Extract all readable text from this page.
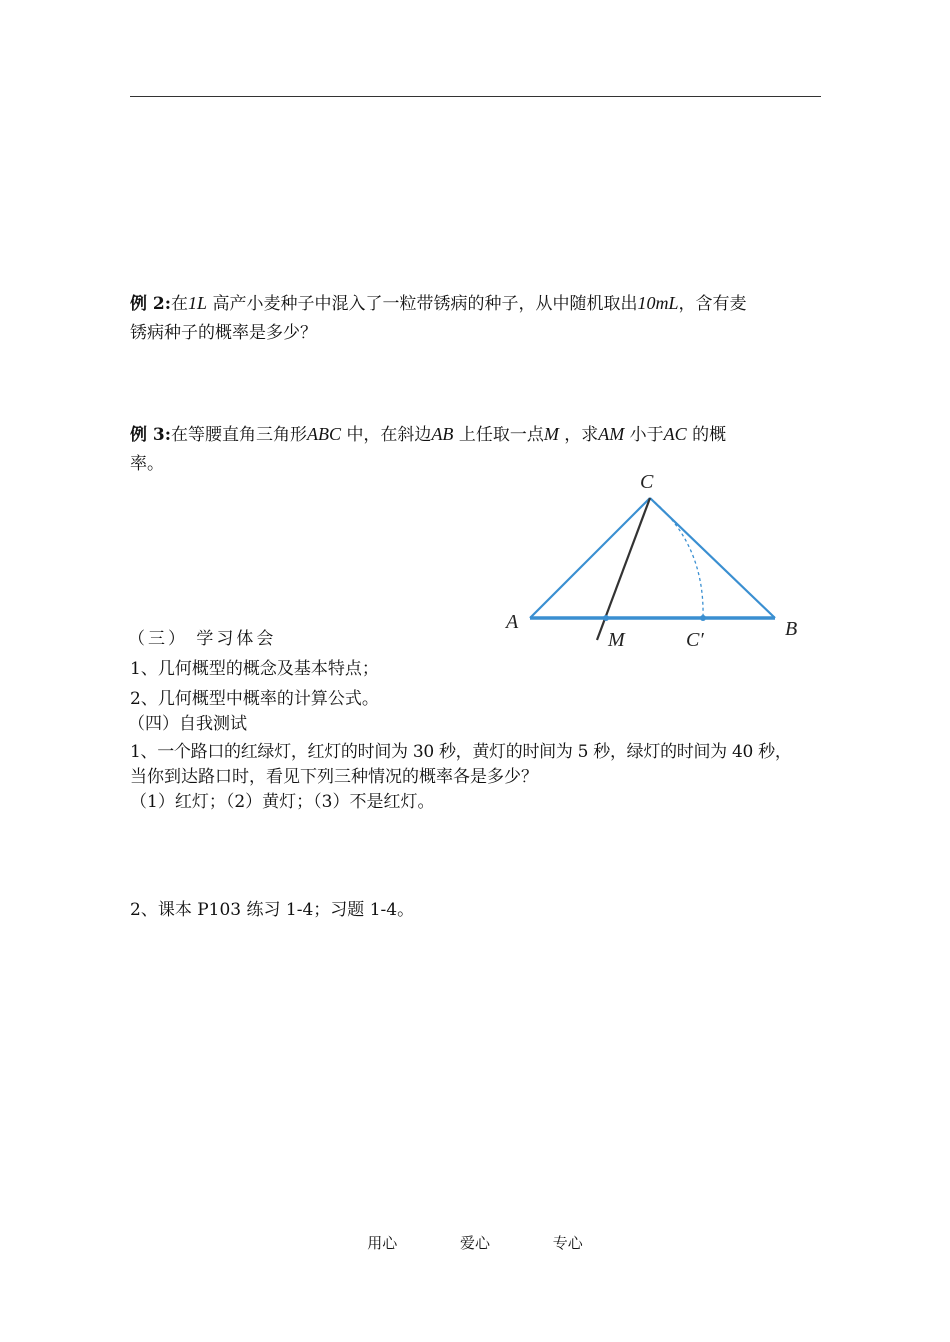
例 2:在1L 高产小麦种子中混入了一粒带锈病的种子，从中随机取出10mL，含有麦
锈病种子的概率是多少？
例 3:在等腰直角三角形ABC 中，在斜边AB 上任取一点M ，求AM 小于AC 的概
率。
A	B
C
M	C′
（三） 学习体会
1、几何概型的概念及基本特点；
2、几何概型中概率的计算公式。
（四）自我测试
1、一个路口的红绿灯，红灯的时间为 30 秒，黄灯的时间为 5 秒，绿灯的时间为 40 秒，
当你到达路口时，看见下列三种情况的概率各是多少？
（1）红灯；（2）黄灯；（3）不是红灯。
2、课本 P103 练习 1-4；习题 1-4。
用心	爱心	专心
